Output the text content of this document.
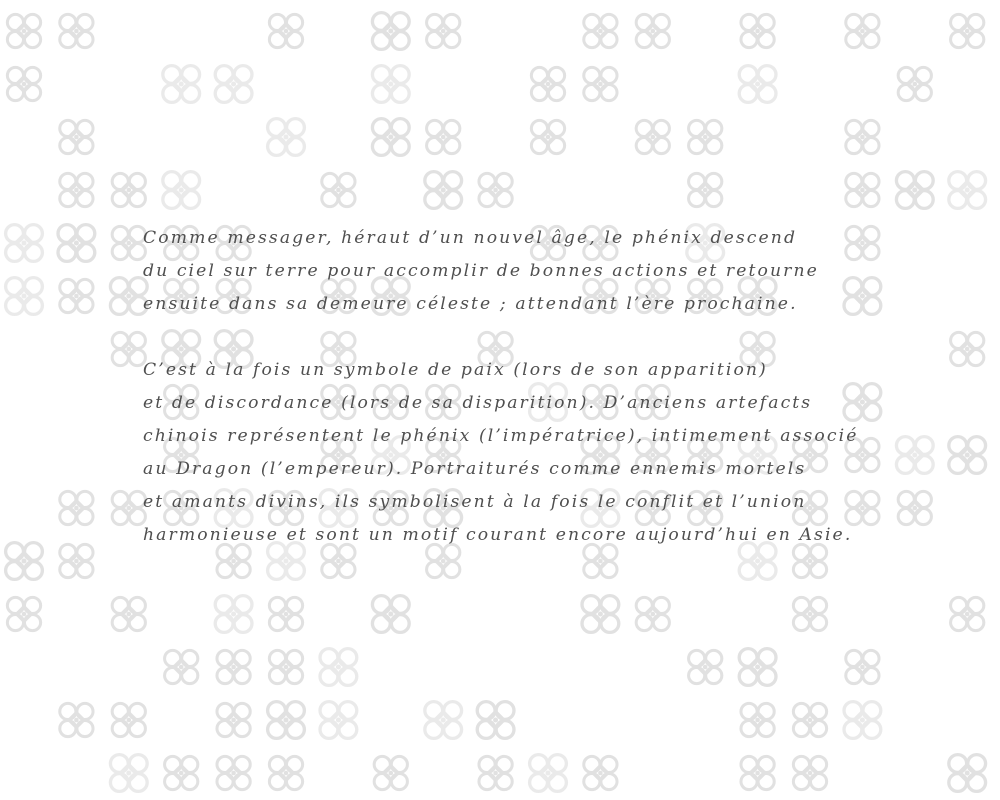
Comme messager, héraut d’un nouvel âge, le phénix descend
du ciel sur terre pour accomplir de bonnes actions et retourne
ensuite dans sa demeure céleste ; attendant l’ère prochaine.
C’est à la fois un symbole de paix (lors de son apparition)
et de discordance (lors de sa disparition). D’anciens artefacts
chinois représentent le phénix (l’impératrice), intimement associé
au Dragon (l’empereur). Portraiturés comme ennemis mortels
et amants divins, ils symbolisent à la fois le conflit et l’union
harmonieuse et sont un motif courant encore aujourd’hui en Asie.
